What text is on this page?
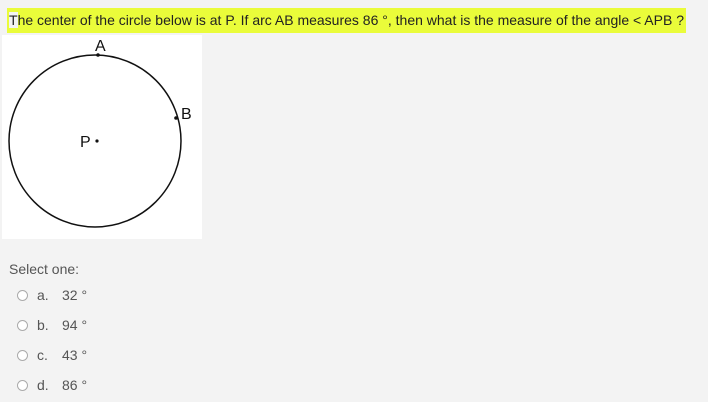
The center of the circle below is at P. If arc AB measures 86 °, then what is the measure of the angle < APB ?
A
B
P
Select one:
a. 32 °
b. 94 °
c.	43 °
d. 86 °
